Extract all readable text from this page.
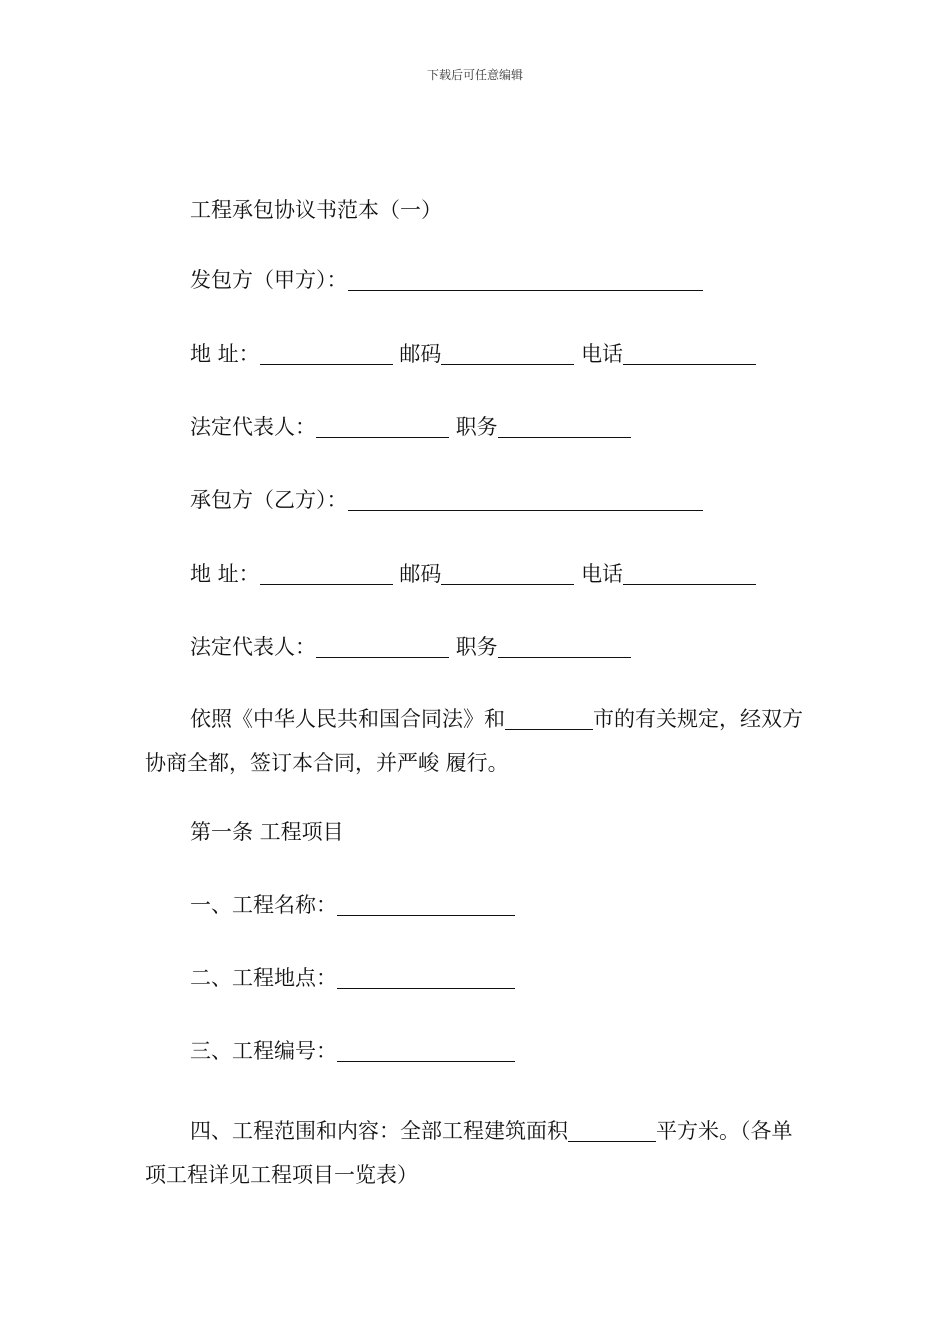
下载后可任意编辑
工程承包协议书范本（一）
发包方（甲方）：
地 址：	邮码	电话
法定代表人：	职务
承包方（乙方）：
地 址：	邮码	电话
法定代表人：	职务
依照《中华人民共和国合同法》和	市的有关规定，经双方协商全都，签订本合同，并严峻 履行。
第一条 工程项目
一、工程名称：
二、工程地点：
三、工程编号：
四、工程范围和内容：全部工程建筑面积	平方米。（各单项工程详见工程项目一览表）
